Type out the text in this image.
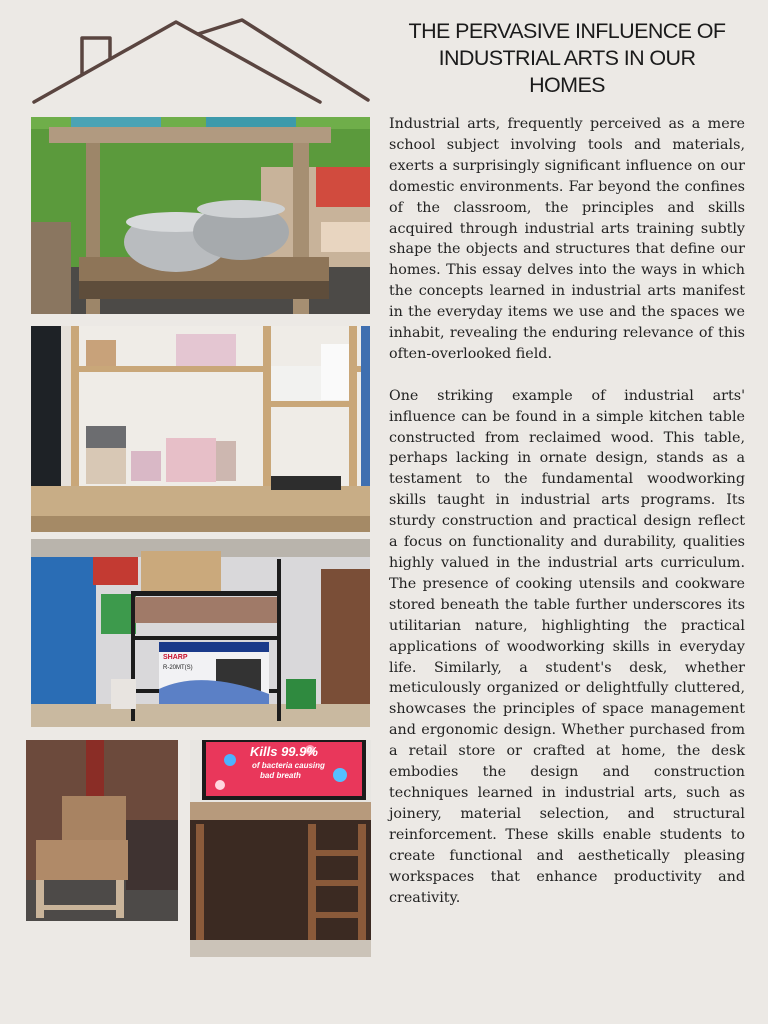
THE PERVASIVE INFLUENCE OF
INDUSTRIAL ARTS IN OUR
HOMES
SHARP
R-20MT(S)
Kills 99.9%
of bacteria causing
bad breath

Industrial arts, frequently perceived as a mere school subject involving tools and materials, exerts a surprisingly significant influence on our domestic environments. Far beyond the confines of the classroom, the principles and skills acquired through industrial arts training subtly shape the objects and structures that define our homes. This essay delves into the ways in which the concepts learned in industrial arts manifest in the everyday items we use and the spaces we inhabit, revealing the enduring relevance of this often-overlooked field.

One striking example of industrial arts' influence can be found in a simple kitchen table constructed from reclaimed wood. This table, perhaps lacking in ornate design, stands as a testament to the fundamental woodworking skills taught in industrial arts programs. Its sturdy construction and practical design reflect a focus on functionality and durability, qualities highly valued in the industrial arts curriculum. The presence of cooking utensils and cookware stored beneath the table further underscores its utilitarian nature, highlighting the practical applications of woodworking skills in everyday life. Similarly, a student's desk, whether meticulously organized or delightfully cluttered, showcases the principles of space management and ergonomic design. Whether purchased from a retail store or crafted at home, the desk embodies the design and construction techniques learned in industrial arts, such as joinery, material selection, and structural reinforcement. These skills enable students to create functional and aesthetically pleasing workspaces that enhance productivity and creativity.
